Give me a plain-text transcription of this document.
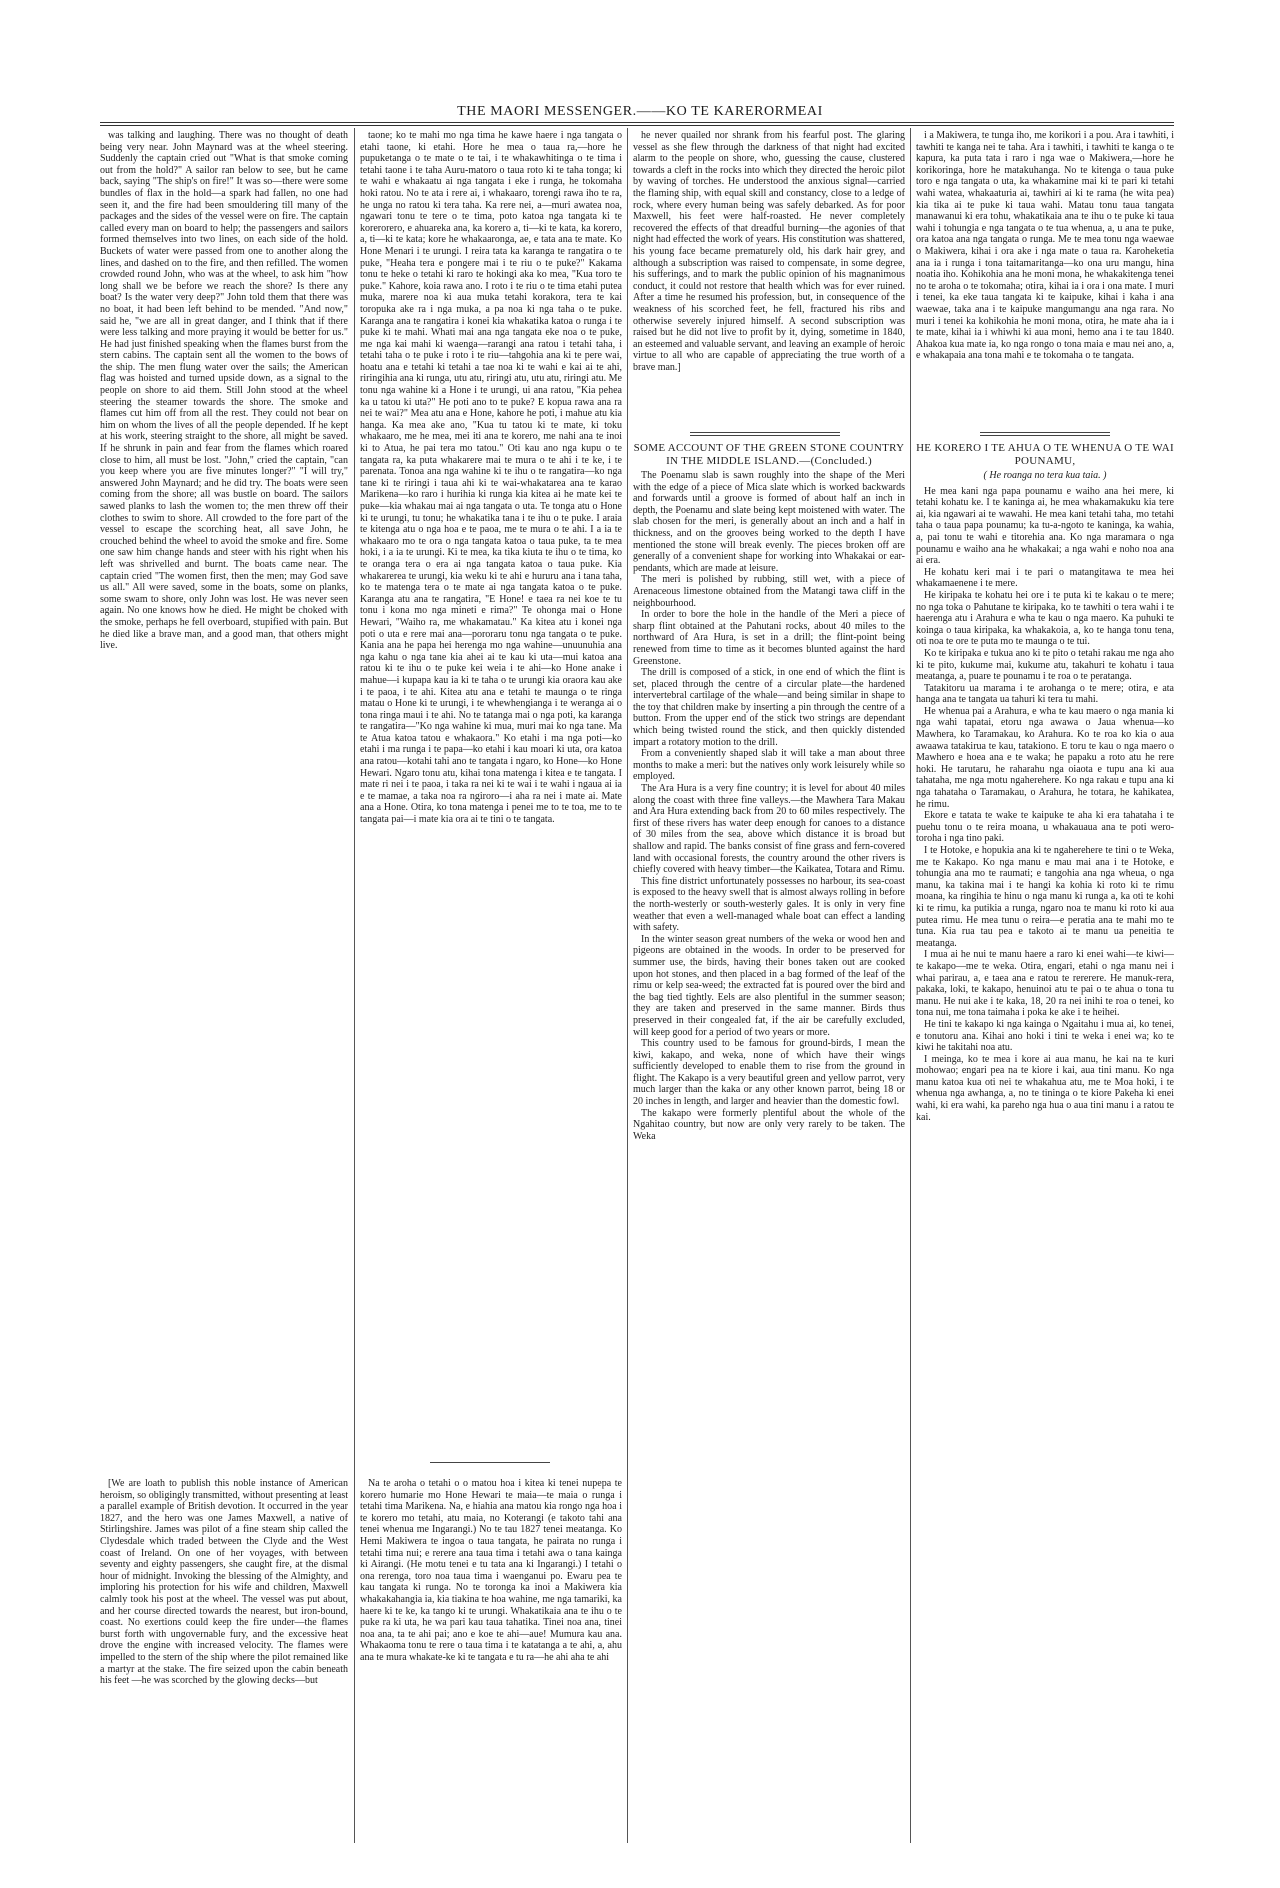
THE MAORI MESSENGER.——KO TE KARERORMEAI

was talking and laughing. There was no thought of death being very near. John Maynard was at the wheel steering. Suddenly the captain cried out "What is that smoke coming out from the hold?" A sailor ran below to see, but he came back, saying "The ship's on fire!" It was so—there were some bundles of flax in the hold—a spark had fallen, no one had seen it, and the fire had been smouldering till many of the packages and the sides of the vessel were on fire. The captain called every man on board to help; the passengers and sailors formed themselves into two lines, on each side of the hold. Buckets of water were passed from one to another along the lines, and dashed on to the fire, and then refilled. The women crowded round John, who was at the wheel, to ask him "how long shall we be before we reach the shore? Is there any boat? Is the water very deep?" John told them that there was no boat, it had been left behind to be mended. "And now," said he, "we are all in great danger, and I think that if there were less talking and more praying it would be better for us." He had just finished speaking when the flames burst from the stern cabins. The captain sent all the women to the bows of the ship. The men flung water over the sails; the American flag was hoisted and turned upside down, as a signal to the people on shore to aid them. Still John stood at the wheel steering the steamer towards the shore. The smoke and flames cut him off from all the rest. They could not bear on him on whom the lives of all the people depended. If he kept at his work, steering straight to the shore, all might be saved. If he shrunk in pain and fear from the flames which roared close to him, all must be lost. "John," cried the captain, "can you keep where you are five minutes longer?" "I will try," answered John Maynard; and he did try. The boats were seen coming from the shore; all was bustle on board. The sailors sawed planks to lash the women to; the men threw off their clothes to swim to shore. All crowded to the fore part of the vessel to escape the scorching heat, all save John, he crouched behind the wheel to avoid the smoke and fire. Some one saw him change hands and steer with his right when his left was shrivelled and burnt. The boats came near. The captain cried "The women first, then the men; may God save us all." All were saved, some in the boats, some on planks, some swam to shore, only John was lost. He was never seen again. No one knows how he died. He might be choked with the smoke, perhaps he fell overboard, stupified with pain. But he died like a brave man, and a good man, that others might live.

[We are loath to publish this noble instance of American heroism, so obligingly transmitted, without presenting at least a parallel example of British devotion. It occurred in the year 1827, and the hero was one James Maxwell, a native of Stirlingshire. James was pilot of a fine steam ship called the Clydesdale which traded between the Clyde and the West coast of Ireland. On one of her voyages, with between seventy and eighty passengers, she caught fire, at the dismal hour of midnight. Invoking the blessing of the Almighty, and imploring his protection for his wife and children, Maxwell calmly took his post at the wheel. The vessel was put about, and her course directed towards the nearest, but iron-bound, coast. No exertions could keep the fire under—the flames burst forth with ungovernable fury, and the excessive heat drove the engine with increased velocity. The flames were impelled to the stern of the ship where the pilot remained like a martyr at the stake. The fire seized upon the cabin beneath his feet —he was scorched by the glowing decks—but

taone; ko te mahi mo nga tima he kawe haere i nga tangata o etahi taone, ki etahi. Hore he mea o taua ra,—hore he pupuketanga o te mate o te tai, i te whakawhitinga o te tima i tetahi taone i te taha Auru-matoro o taua roto ki te taha tonga; ki te wahi e whakaatu ai nga tangata i eke i runga, he tokomaha hoki ratou. No te ata i rere ai, i whakaaro, torengi rawa iho te ra, he unga no ratou ki tera taha. Ka rere nei, a—muri awatea noa, ngawari tonu te tere o te tima, poto katoa nga tangata ki te korerorero, e ahuareka ana, ka korero a, ti—ki te kata, ka korero, a, ti—ki te kata; kore he whakaaronga, ae, e tata ana te mate. Ko Hone Menari i te urungi. I reira tata ka karanga te rangatira o te puke, "Heaha tera e pongere mai i te riu o te puke?" Kakama tonu te heke o tetahi ki raro te hokingi aka ko mea, "Kua toro te puke." Kahore, koia rawa ano. I roto i te riu o te tima etahi putea muka, marere noa ki aua muka tetahi korakora, tera te kai toropuka ake ra i nga muka, a pa noa ki nga taha o te puke. Karanga ana te rangatira i konei kia whakatika katoa o runga i te puke ki te mahi. Whati mai ana nga tangata eke noa o te puke, me nga kai mahi ki waenga—rarangi ana ratou i tetahi taha, i tetahi taha o te puke i roto i te riu—tahgohia ana ki te pere wai, hoatu ana e tetahi ki tetahi a tae noa ki te wahi e kai ai te ahi, riringihia ana ki runga, utu atu, riringi atu, utu atu, riringi atu. Me tonu nga wahine ki a Hone i te urungi, ui ana ratou, "Kia pehea ka u tatou ki uta?" He poti ano to te puke? E kopua rawa ana ra nei te wai?" Mea atu ana e Hone, kahore he poti, i mahue atu kia hanga. Ka mea ake ano, "Kua tu tatou ki te mate, ki toku whakaaro, me he mea, mei iti ana te korero, me nahi ana te inoi ki to Atua, he pai tera mo tatou." Oti kau ano nga kupu o te tangata ra, ka puta whakarere mai te mura o te ahi i te ke, i te parenata. Tonoa ana nga wahine ki te ihu o te rangatira—ko nga tane ki te riringi i taua ahi ki te wai-whakatarea ana te karao Marikena—ko raro i hurihia ki runga kia kitea ai he mate kei te puke—kia whakau mai ai nga tangata o uta. Te tonga atu o Hone ki te urungi, tu tonu; he whakatika tana i te ihu o te puke. I araia te kitenga atu o nga hoa e te paoa, me te mura o te ahi. I a ia te whakaaro mo te ora o nga tangata katoa o taua puke, ta te mea hoki, i a ia te urungi. Ki te mea, ka tika kiuta te ihu o te tima, ko te oranga tera o era ai nga tangata katoa o taua puke. Kia whakarerea te urungi, kia weku ki te ahi e hururu ana i tana taha, ko te matenga tera o te mate ai nga tangata katoa o te puke. Karanga atu ana te rangatira, "E Hone! e taea ra nei koe te tu tonu i kona mo nga mineti e rima?" Te ohonga mai o Hone Hewari, "Waiho ra, me whakamatau." Ka kitea atu i konei nga poti o uta e rere mai ana—pororaru tonu nga tangata o te puke. Kania ana he papa hei herenga mo nga wahine—unuunuhia ana nga kahu o nga tane kia ahei ai te kau ki uta—mui katoa ana ratou ki te ihu o te puke kei weia i te ahi—ko Hone anake i mahue—i kupapa kau ia ki te taha o te urungi kia oraora kau ake i te paoa, i te ahi. Kitea atu ana e tetahi te maunga o te ringa matau o Hone ki te urungi, i te whewhengianga i te weranga ai o tona ringa maui i te ahi. No te tatanga mai o nga poti, ka karanga te rangatira—"Ko nga wahine ki mua, muri mai ko nga tane. Ma te Atua katoa tatou e whakaora." Ko etahi i ma nga poti—ko etahi i ma runga i te papa—ko etahi i kau moari ki uta, ora katoa ana ratou—kotahi tahi ano te tangata i ngaro, ko Hone—ko Hone Hewari. Ngaro tonu atu, kihai tona matenga i kitea e te tangata. I mate ri nei i te paoa, i taka ra nei ki te wai i te wahi i ngaua ai ia e te mamae, a taka noa ra ngiroro—i aha ra nei i mate ai. Mate ana a Hone. Otira, ko tona matenga i penei me to te toa, me to te tangata pai—i mate kia ora ai te tini o te tangata.

Na te aroha o tetahi o o matou hoa i kitea ki tenei nupepa te korero humarie mo Hone Hewari te maia—te maia o runga i tetahi tima Marikena. Na, e hiahia ana matou kia rongo nga hoa i te korero mo tetahi, atu maia, no Koterangi (e takoto tahi ana tenei whenua me Ingarangi.) No te tau 1827 tenei meatanga. Ko Hemi Makiwera te ingoa o taua tangata, he pairata no runga i tetahi tima nui; e rerere ana taua tima i tetahi awa o tana kainga ki Airangi. (He motu tenei e tu tata ana ki Ingarangi.) I tetahi o ona rerenga, toro noa taua tima i waenganui po. Ewaru pea te kau tangata ki runga. No te toronga ka inoi a Makiwera kia whakakahangia ia, kia tiakina te hoa wahine, me nga tamariki, ka haere ki te ke, ka tango ki te urungi. Whakatikaia ana te ihu o te puke ra ki uta, he wa pari kau taua tahatika. Tinei noa ana, tinei noa ana, ta te ahi pai; ano e koe te ahi—aue! Mumura kau ana. Whakaoma tonu te rere o taua tima i te katatanga a te ahi, a, ahu ana te mura whakate-ke ki te tangata e tu ra—he ahi aha te ahi

he never quailed nor shrank from his fearful post. The glaring vessel as she flew through the darkness of that night had excited alarm to the people on shore, who, guessing the cause, clustered towards a cleft in the rocks into which they directed the heroic pilot by waving of torches. He understood the anxious signal—carried the flaming ship, with equal skill and constancy, close to a ledge of rock, where every human being was safely debarked. As for poor Maxwell, his feet were half-roasted. He never completely recovered the effects of that dreadful burning—the agonies of that night had effected the work of years. His constitution was shattered, his young face became prematurely old, his dark hair grey, and although a subscription was raised to compensate, in some degree, his sufferings, and to mark the public opinion of his magnanimous conduct, it could not restore that health which was for ever ruined. After a time he resumed his profession, but, in consequence of the weakness of his scorched feet, he fell, fractured his ribs and otherwise severely injured himself. A second subscription was raised but he did not live to profit by it, dying, sometime in 1840, an esteemed and valuable servant, and leaving an example of heroic virtue to all who are capable of appreciating the true worth of a brave man.]

SOME ACCOUNT OF THE GREEN STONE COUNTRY IN THE MIDDLE ISLAND.—(Concluded.)

The Poenamu slab is sawn roughly into the shape of the Meri with the edge of a piece of Mica slate which is worked backwards and forwards until a groove is formed of about half an inch in depth, the Poenamu and slate being kept moistened with water. The slab chosen for the meri, is generally about an inch and a half in thickness, and on the grooves being worked to the depth I have mentioned the stone will break evenly. The pieces broken off are generally of a convenient shape for working into Whakakai or ear-pendants, which are made at leisure.

The meri is polished by rubbing, still wet, with a piece of Arenaceous limestone obtained from the Matangi tawa cliff in the neighbourhood.

In order to bore the hole in the handle of the Meri a piece of sharp flint obtained at the Pahutani rocks, about 40 miles to the northward of Ara Hura, is set in a drill; the flint-point being renewed from time to time as it becomes blunted against the hard Greenstone.

The drill is composed of a stick, in one end of which the flint is set, placed through the centre of a circular plate—the hardened intervertebral cartilage of the whale—and being similar in shape to the toy that children make by inserting a pin through the centre of a button. From the upper end of the stick two strings are dependant which being twisted round the stick, and then quickly distended impart a rotatory motion to the drill.

From a conveniently shaped slab it will take a man about three months to make a meri: but the natives only work leisurely while so employed.

The Ara Hura is a very fine country; it is level for about 40 miles along the coast with three fine valleys.—the Mawhera Tara Makau and Ara Hura extending back from 20 to 60 miles respectively. The first of these rivers has water deep enough for canoes to a distance of 30 miles from the sea, above which distance it is broad but shallow and rapid. The banks consist of fine grass and fern-covered land with occasional forests, the country around the other rivers is chiefly covered with heavy timber—the Kaikatea, Totara and Rimu.

This fine district unfortunately possesses no harbour, its sea-coast is exposed to the heavy swell that is almost always rolling in before the north-westerly or south-westerly gales. It is only in very fine weather that even a well-managed whale boat can effect a landing with safety.

In the winter season great numbers of the weka or wood hen and pigeons are obtained in the woods. In order to be preserved for summer use, the birds, having their bones taken out are cooked upon hot stones, and then placed in a bag formed of the leaf of the rimu or kelp sea-weed; the extracted fat is poured over the bird and the bag tied tightly. Eels are also plentiful in the summer season; they are taken and preserved in the same manner. Birds thus preserved in their congealed fat, if the air be carefully excluded, will keep good for a period of two years or more.

This country used to be famous for ground-birds, I mean the kiwi, kakapo, and weka, none of which have their wings sufficiently developed to enable them to rise from the ground in flight. The Kakapo is a very beautiful green and yellow parrot, very much larger than the kaka or any other known parrot, being 18 or 20 inches in length, and larger and heavier than the domestic fowl.

The kakapo were formerly plentiful about the whole of the Ngahitao country, but now are only very rarely to be taken. The Weka

i a Makiwera, te tunga iho, me korikori i a pou. Ara i tawhiti, i tawhiti te kanga nei te taha. Ara i tawhiti, i tawhiti te kanga o te kapura, ka puta tata i raro i nga wae o Makiwera,—hore he korikoringa, hore he matakuhanga. No te kitenga o taua puke toro e nga tangata o uta, ka whakamine mai ki te pari ki tetahi wahi watea, whakaaturia ai, tawhiri ai ki te rama (he wita pea) kia tika ai te puke ki taua wahi. Matau tonu taua tangata manawanui ki era tohu, whakatikaia ana te ihu o te puke ki taua wahi i tohungia e nga tangata o te tua whenua, a, u ana te puke, ora katoa ana nga tangata o runga. Me te mea tonu nga waewae o Makiwera, kihai i ora ake i nga mate o taua ra. Karoheketia ana ia i runga i tona taitamaritanga—ko ona uru mangu, hina noatia iho. Kohikohia ana he moni mona, he whakakitenga tenei no te aroha o te tokomaha; otira, kihai ia i ora i ona mate. I muri i tenei, ka eke taua tangata ki te kaipuke, kihai i kaha i ana waewae, taka ana i te kaipuke mangumangu ana nga rara. No muri i tenei ka kohikohia he moni mona, otira, he mate aha ia i te mate, kihai ia i whiwhi ki aua moni, hemo ana i te tau 1840. Ahakoa kua mate ia, ko nga rongo o tona maia e mau nei ano, a, e whakapaia ana tona mahi e te tokomaha o te tangata.

HE KORERO I TE AHUA O TE WHENUA O TE WAI POUNAMU,
( He roanga no tera kua taia. )

He mea kani nga papa pounamu e waiho ana hei mere, ki tetahi kohatu ke. I te kaninga ai, he mea whakamakuku kia tere ai, kia ngawari ai te wawahi. He mea kani tetahi taha, mo tetahi taha o taua papa pounamu; ka tu-a-ngoto te kaninga, ka wahia, a, pai tonu te wahi e titorehia ana. Ko nga maramara o nga pounamu e waiho ana he whakakai; a nga wahi e noho noa ana ai era.

He kohatu keri mai i te pari o matangitawa te mea hei whakamaenene i te mere.

He kiripaka te kohatu hei ore i te puta ki te kakau o te mere; no nga toka o Pahutane te kiripaka, ko te tawhiti o tera wahi i te haerenga atu i Arahura e wha te kau o nga maero. Ka puhuki te koinga o taua kiripaka, ka whakakoia, a, ko te hanga tonu tena, oti noa te ore te puta mo te maunga o te tui.

Ko te kiripaka e tukua ano ki te pito o tetahi rakau me nga aho ki te pito, kukume mai, kukume atu, takahuri te kohatu i taua meatanga, a, puare te pounamu i te roa o te peratanga.

Tatakitoru ua marama i te arohanga o te mere; otira, e ata hanga ana te tangata ua tahuri ki tera tu mahi.

He whenua pai a Arahura, e wha te kau maero o nga mania ki nga wahi tapatai, etoru nga awawa o Jaua whenua—ko Mawhera, ko Taramakau, ko Arahura. Ko te roa ko kia o aua awaawa tatakirua te kau, tatakiono. E toru te kau o nga maero o Mawhero e hoea ana e te waka; he papaku a roto atu he rere hoki. He tarutaru, he raharahu nga oiaota e tupu ana ki aua tahataha, me nga motu ngaherehere. Ko nga rakau e tupu ana ki nga tahataha o Taramakau, o Arahura, he totara, he kahikatea, he rimu.

Ekore e tatata te wake te kaipuke te aha ki era tahataha i te puehu tonu o te reira moana, u whakauaua ana te poti wero-toroha i nga tino paki.

I te Hotoke, e hopukia ana ki te ngaherehere te tini o te Weka, me te Kakapo. Ko nga manu e mau mai ana i te Hotoke, e tohungia ana mo te raumati; e tangohia ana nga wheua, o nga manu, ka takina mai i te hangi ka kohia ki roto ki te rimu moana, ka ringihia te hinu o nga manu ki runga a, ka oti te kohi ki te rimu, ka putikia a runga, ngaro noa te manu ki roto ki aua putea rimu. He mea tunu o reira—e peratia ana te mahi mo te tuna. Kia rua tau pea e takoto ai te manu ua peneitia te meatanga.

I mua ai he nui te manu haere a raro ki enei wahi—te kiwi—te kakapo—me te weka. Otira, engari, etahi o nga manu nei i whai parirau, a, e taea ana e ratou te rererere. He manuk-rera, pakaka, loki, te kakapo, henuinoi atu te pai o te ahua o tona tu manu. He nui ake i te kaka, 18, 20 ra nei inihi te roa o tenei, ko tona nui, me tona taimaha i poka ke ake i te heihei.

He tini te kakapo ki nga kainga o Ngaitahu i mua ai, ko tenei, e tonutoru ana. Kihai ano hoki i tini te weka i enei wa; ko te kiwi he takitahi noa atu.

I meinga, ko te mea i kore ai aua manu, he kai na te kuri mohowao; engari pea na te kiore i kai, aua tini manu. Ko nga manu katoa kua oti nei te whakahua atu, me te Moa hoki, i te whenua nga awhanga, a, no te tininga o te kiore Pakeha ki enei wahi, ki era wahi, ka pareho nga hua o aua tini manu i a ratou te kai.
